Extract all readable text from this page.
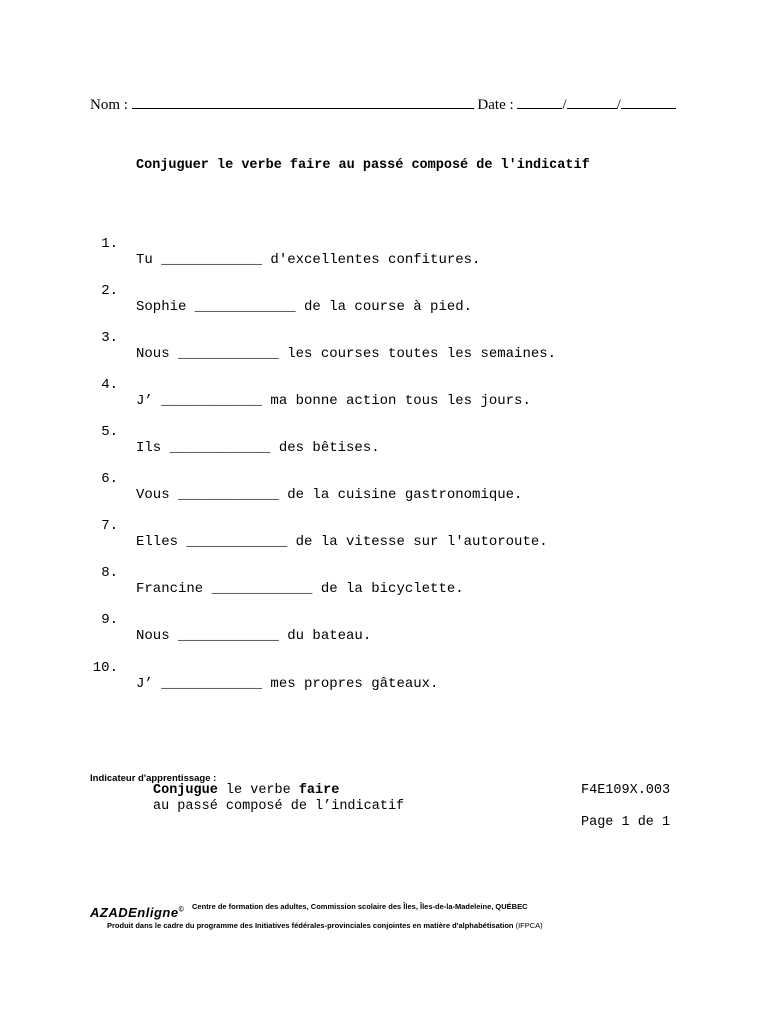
Nom :	Date :	/	/
Conjuguer le verbe faire au passé composé de l'indicatif

1.

Tu ____________ d'excellentes confitures.

2.

Sophie ____________ de la course à pied.

3.

Nous ____________ les courses toutes les semaines.

4.

J’ ____________ ma bonne action tous les jours.

5.

Ils ____________ des bêtises.

6.

Vous ____________ de la cuisine gastronomique.

7.

Elles ____________ de la vitesse sur l'autoroute.

8.

Francine ____________ de la bicyclette.

9.

Nous ____________ du bateau.

10.

J’ ____________ mes propres gâteaux.

Indicateur d'apprentissage :
Conjugue le verbe faire
au passé composé de l’indicatif
F4E109X.003
Page 1 de 1
AZADEnligne© Centre de formation des adultes, Commission scolaire des Îles, Îles-de-la-Madeleine, QUÉBEC
Produit dans le cadre du programme des Initiatives fédérales-provinciales conjointes en matière d'alphabétisation (IFPCA)
